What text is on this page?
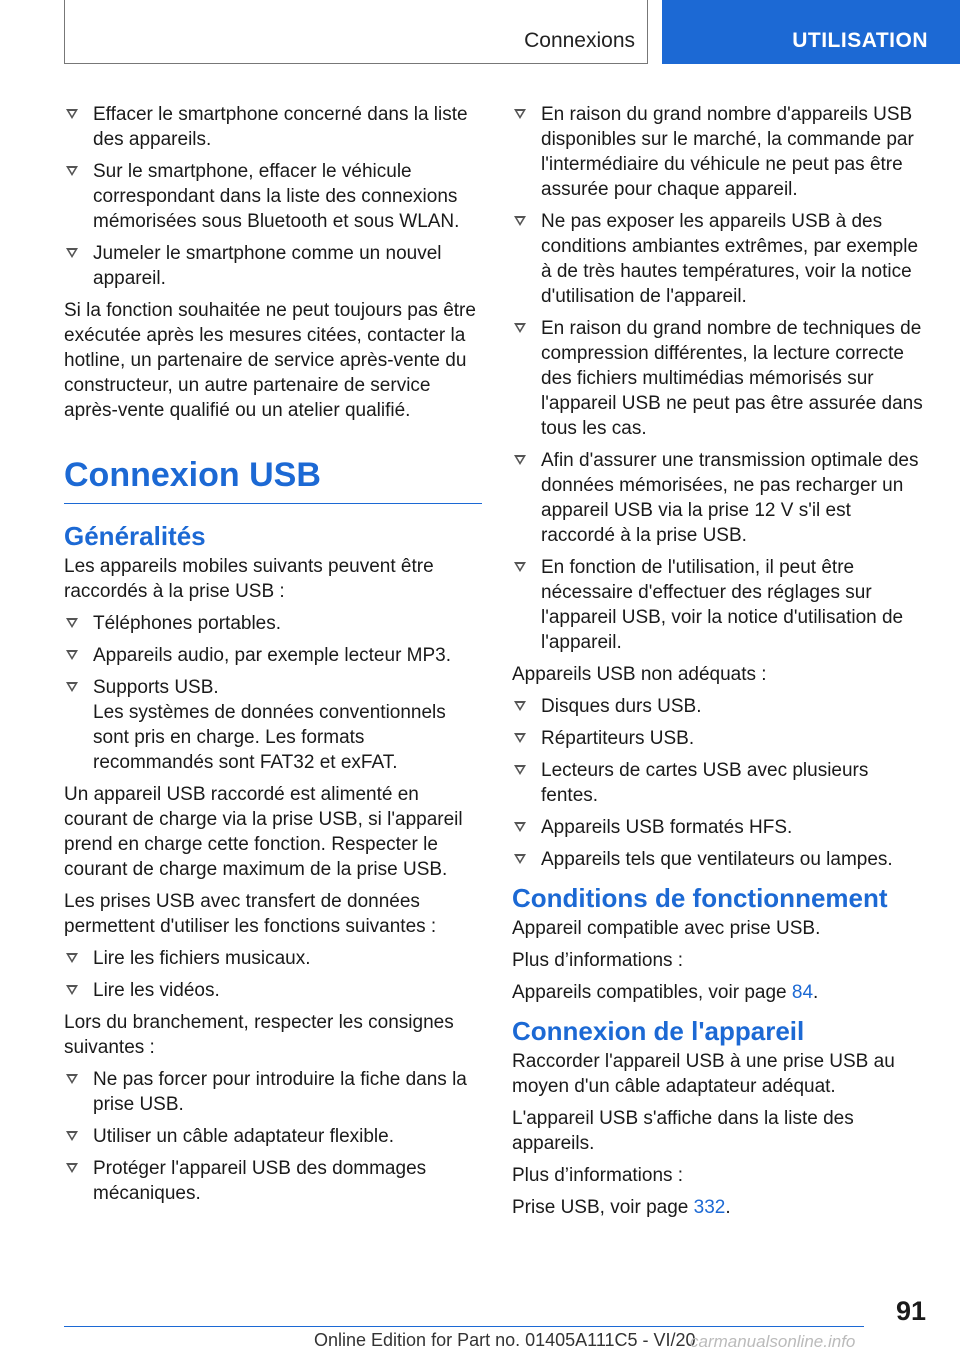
Connexions	UTILISATION
Effacer le smartphone concerné dans la liste des appareils.
Sur le smartphone, effacer le véhicule correspondant dans la liste des connexions mémorisées sous Bluetooth et sous WLAN.
Jumeler le smartphone comme un nouvel appareil.

Si la fonction souhaitée ne peut toujours pas être exécutée après les mesures citées, contacter la hotline, un partenaire de service après-vente du constructeur, un autre partenaire de service après-vente qualifié ou un atelier qualifié.

Connexion USB
Généralités

Les appareils mobiles suivants peuvent être raccordés à la prise USB :

Téléphones portables.
Appareils audio, par exemple lecteur MP3.
Supports USB.
Les systèmes de données conventionnels sont pris en charge. Les formats recommandés sont FAT32 et exFAT.

Un appareil USB raccordé est alimenté en courant de charge via la prise USB, si l'appareil prend en charge cette fonction. Respecter le courant de charge maximum de la prise USB.

Les prises USB avec transfert de données permettent d'utiliser les fonctions suivantes :

Lire les fichiers musicaux.
Lire les vidéos.

Lors du branchement, respecter les consignes suivantes :

Ne pas forcer pour introduire la fiche dans la prise USB.
Utiliser un câble adaptateur flexible.
Protéger l'appareil USB des dommages mécaniques.
En raison du grand nombre d'appareils USB disponibles sur le marché, la commande par l'intermédiaire du véhicule ne peut pas être assurée pour chaque appareil.
Ne pas exposer les appareils USB à des conditions ambiantes extrêmes, par exemple à de très hautes températures, voir la notice d'utilisation de l'appareil.
En raison du grand nombre de techniques de compression différentes, la lecture correcte des fichiers multimédias mémorisés sur l'appareil USB ne peut pas être assurée dans tous les cas.
Afin d'assurer une transmission optimale des données mémorisées, ne pas recharger un appareil USB via la prise 12 V s'il est raccordé à la prise USB.
En fonction de l'utilisation, il peut être nécessaire d'effectuer des réglages sur l'appareil USB, voir la notice d'utilisation de l'appareil.

Appareils USB non adéquats :

Disques durs USB.
Répartiteurs USB.
Lecteurs de cartes USB avec plusieurs fentes.
Appareils USB formatés HFS.
Appareils tels que ventilateurs ou lampes.
Conditions de fonctionnement

Appareil compatible avec prise USB.

Plus d’informations :

Appareils compatibles, voir page 84.

Connexion de l'appareil

Raccorder l'appareil USB à une prise USB au moyen d'un câble adaptateur adéquat.

L'appareil USB s'affiche dans la liste des appareils.

Plus d’informations :

Prise USB, voir page 332.

91
Online Edition for Part no. 01405A111C5 - VI/20
carmanualsonline.info
